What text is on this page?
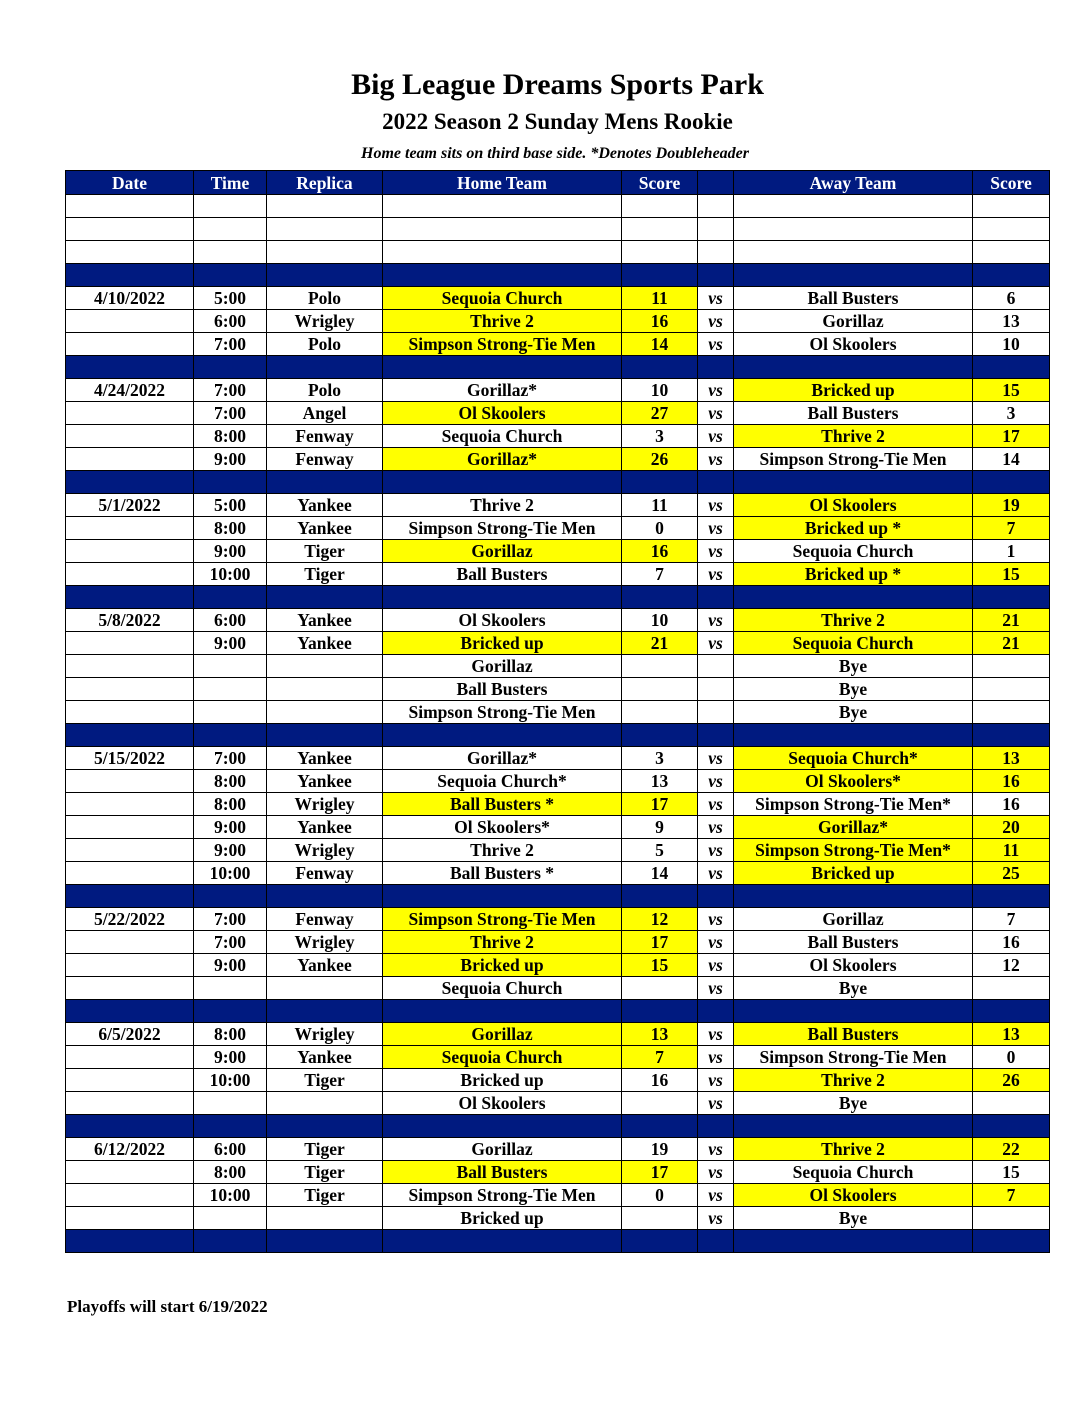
Big League Dreams Sports Park
2022 Season 2 Sunday Mens Rookie
Home team sits on third base side. *Denotes Doubleheader
Date	Time	Replica	Home Team	Score		Away Team	Score

4/10/2022	5:00	Polo	Sequoia Church	11	vs	Ball Busters	6
	6:00	Wrigley	Thrive 2	16	vs	Gorillaz	13
	7:00	Polo	Simpson Strong-Tie Men	14	vs	Ol Skoolers	10

4/24/2022	7:00	Polo	Gorillaz*	10	vs	Bricked up	15
	7:00	Angel	Ol Skoolers	27	vs	Ball Busters	3
	8:00	Fenway	Sequoia Church	3	vs	Thrive 2	17
	9:00	Fenway	Gorillaz*	26	vs	Simpson Strong-Tie Men	14

5/1/2022	5:00	Yankee	Thrive 2	11	vs	Ol Skoolers	19
	8:00	Yankee	Simpson Strong-Tie Men	0	vs	Bricked up *	7
	9:00	Tiger	Gorillaz	16	vs	Sequoia Church	1
	10:00	Tiger	Ball Busters	7	vs	Bricked up *	15

5/8/2022	6:00	Yankee	Ol Skoolers	10	vs	Thrive 2	21
	9:00	Yankee	Bricked up	21	vs	Sequoia Church	21
			Gorillaz			Bye	
			Ball Busters			Bye	
			Simpson Strong-Tie Men			Bye	

5/15/2022	7:00	Yankee	Gorillaz*	3	vs	Sequoia Church*	13
	8:00	Yankee	Sequoia Church*	13	vs	Ol Skoolers*	16
	8:00	Wrigley	Ball Busters *	17	vs	Simpson Strong-Tie Men*	16
	9:00	Yankee	Ol Skoolers*	9	vs	Gorillaz*	20
	9:00	Wrigley	Thrive 2	5	vs	Simpson Strong-Tie Men*	11
	10:00	Fenway	Ball Busters *	14	vs	Bricked up	25

5/22/2022	7:00	Fenway	Simpson Strong-Tie Men	12	vs	Gorillaz	7
	7:00	Wrigley	Thrive 2	17	vs	Ball Busters	16
	9:00	Yankee	Bricked up	15	vs	Ol Skoolers	12
			Sequoia Church		vs	Bye	

6/5/2022	8:00	Wrigley	Gorillaz	13	vs	Ball Busters	13
	9:00	Yankee	Sequoia Church	7	vs	Simpson Strong-Tie Men	0
	10:00	Tiger	Bricked up	16	vs	Thrive 2	26
			Ol Skoolers		vs	Bye	

6/12/2022	6:00	Tiger	Gorillaz	19	vs	Thrive 2	22
	8:00	Tiger	Ball Busters	17	vs	Sequoia Church	15
	10:00	Tiger	Simpson Strong-Tie Men	0	vs	Ol Skoolers	7
			Bricked up		vs	Bye	

Playoffs will start 6/19/2022
